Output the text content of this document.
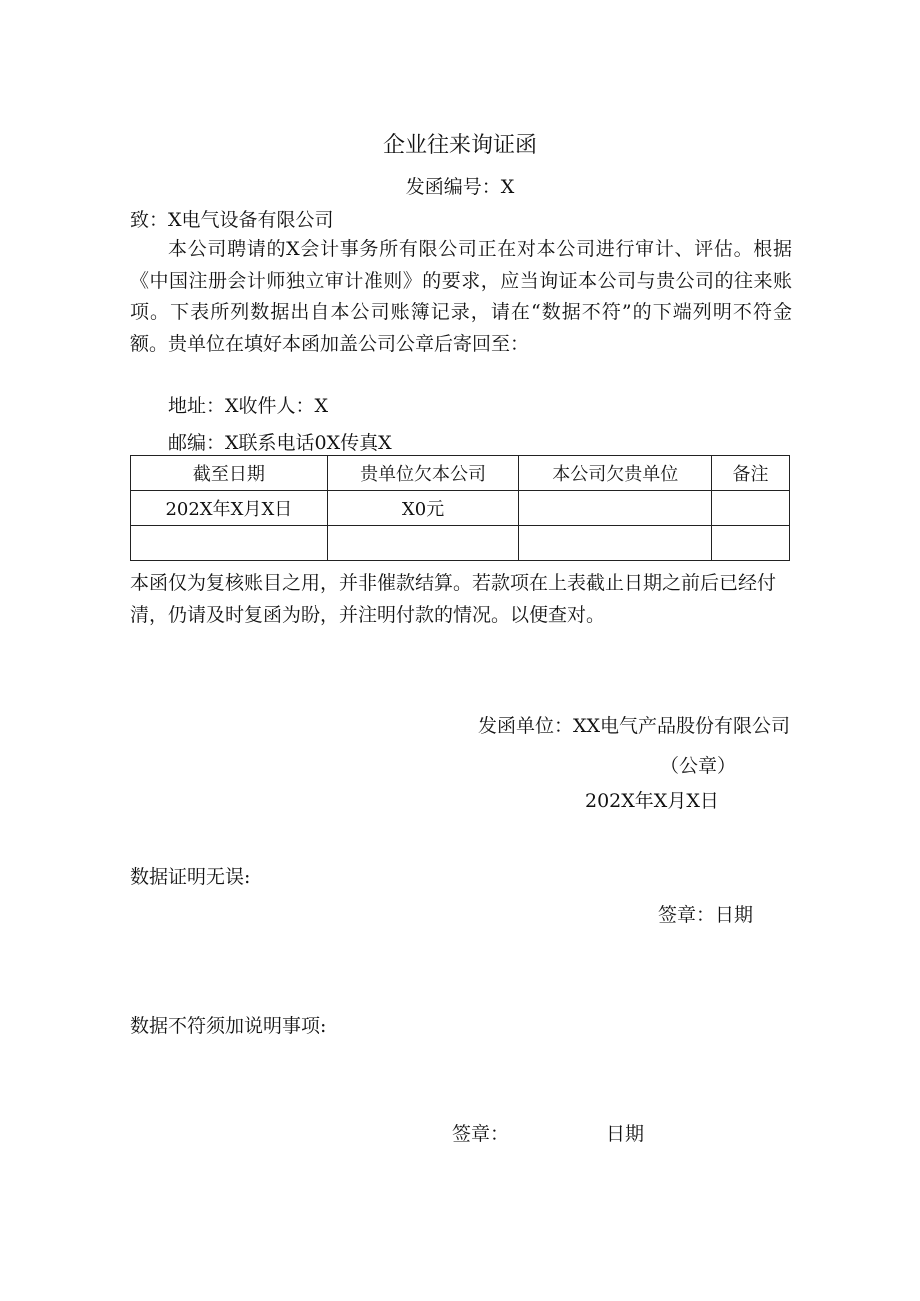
企业往来询证函
发函编号：X
致：X电气设备有限公司

本公司聘请的X会计事务所有限公司正在对本公司进行审计、评估。根据《中国注册会计师独立审计准则》的要求，应当询证本公司与贵公司的往来账项。下表所列数据出自本公司账簿记录，请在“数据不符”的下端列明不符金额。贵单位在填好本函加盖公司公章后寄回至：

地址：X收件人：X
邮编：X联系电话0X传真X
截至日期	贵单位欠本公司	本公司欠贵单位	备注
202X年X月X日	X0元		

本函仅为复核账目之用，并非催款结算。若款项在上表截止日期之前后已经付清，仍请及时复函为盼，并注明付款的情况。以便查对。

发函单位：XX电气产品股份有限公司
（公章）
202X年X月X日
数据证明无误:
签章：日期
数据不符须加说明事项:
签章：	日期
